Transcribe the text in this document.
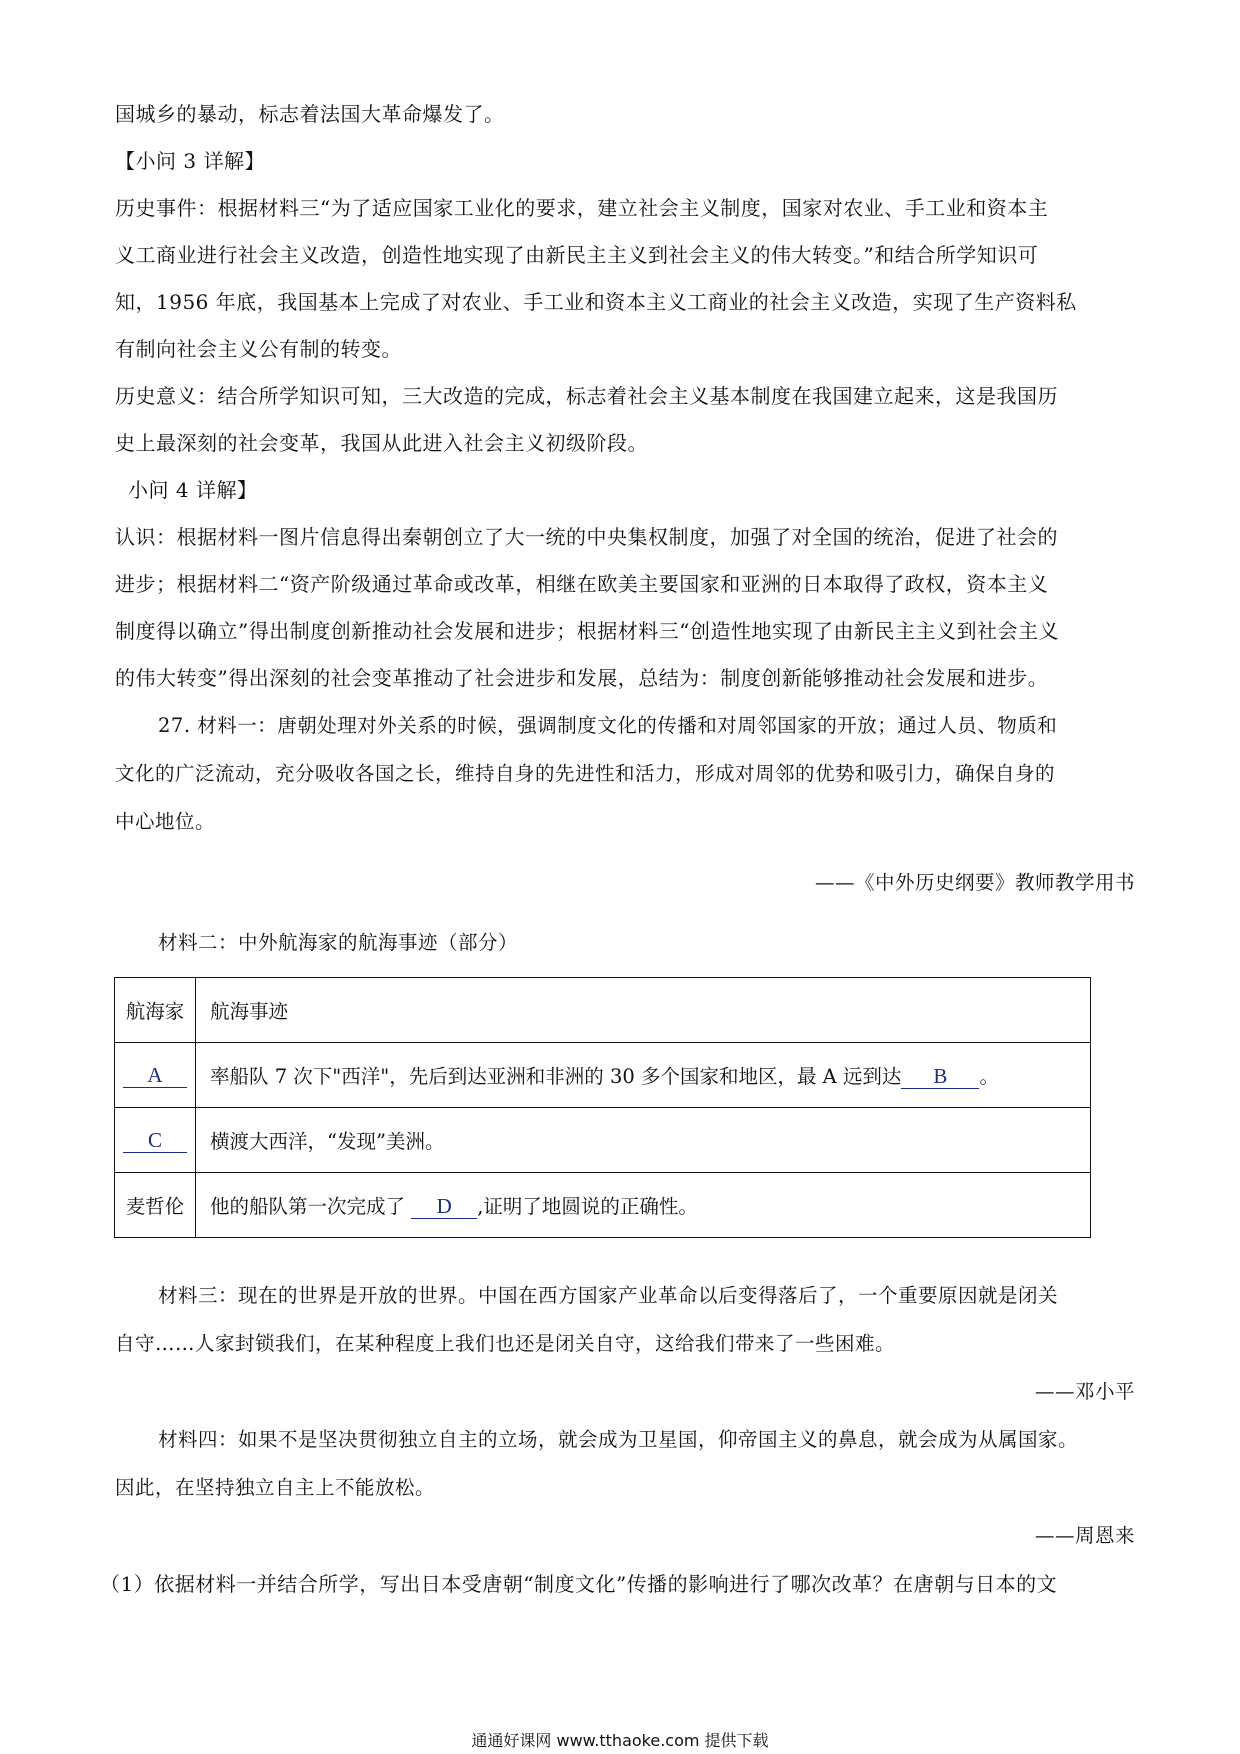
国城乡的暴动，标志着法国大革命爆发了。
【小问 3 详解】
历史事件：根据材料三“为了适应国家工业化的要求，建立社会主义制度，国家对农业、手工业和资本主
义工商业进行社会主义改造，创造性地实现了由新民主主义到社会主义的伟大转变。”和结合所学知识可
知，1956 年底，我国基本上完成了对农业、手工业和资本主义工商业的社会主义改造，实现了生产资料私
有制向社会主义公有制的转变。
历史意义：结合所学知识可知，三大改造的完成，标志着社会主义基本制度在我国建立起来，这是我国历
史上最深刻的社会变革，我国从此进入社会主义初级阶段。
小问 4 详解】
认识：根据材料一图片信息得出秦朝创立了大一统的中央集权制度，加强了对全国的统治，促进了社会的
进步；根据材料二“资产阶级通过革命或改革，相继在欧美主要国家和亚洲的日本取得了政权，资本主义
制度得以确立”得出制度创新推动社会发展和进步；根据材料三“创造性地实现了由新民主主义到社会主义
的伟大转变”得出深刻的社会变革推动了社会进步和发展，总结为：制度创新能够推动社会发展和进步。
27. 材料一：唐朝处理对外关系的时候，强调制度文化的传播和对周邻国家的开放；通过人员、物质和
文化的广泛流动，充分吸收各国之长，维持自身的先进性和活力，形成对周邻的优势和吸引力，确保自身的
中心地位。
——《中外历史纲要》教师教学用书
材料二：中外航海家的航海事迹（部分）
航海家	航海事迹
A	率船队 7 次下"西洋"，先后到达亚洲和非洲的 30 多个国家和地区，最 A 远到达 B 。
C	横渡大西洋，“发现”美洲。
麦哲伦	他的船队第一次完成了 D ,证明了地圆说的正确性。
材料三：现在的世界是开放的世界。中国在西方国家产业革命以后变得落后了，一个重要原因就是闭关
自守……人家封锁我们，在某种程度上我们也还是闭关自守，这给我们带来了一些困难。
——邓小平
材料四：如果不是坚决贯彻独立自主的立场，就会成为卫星国，仰帝国主义的鼻息，就会成为从属国家。
因此，在坚持独立自主上不能放松。
——周恩来
（1）依据材料一并结合所学，写出日本受唐朝“制度文化”传播的影响进行了哪次改革？在唐朝与日本的文
通通好课网 www.tthaoke.com 提供下载
